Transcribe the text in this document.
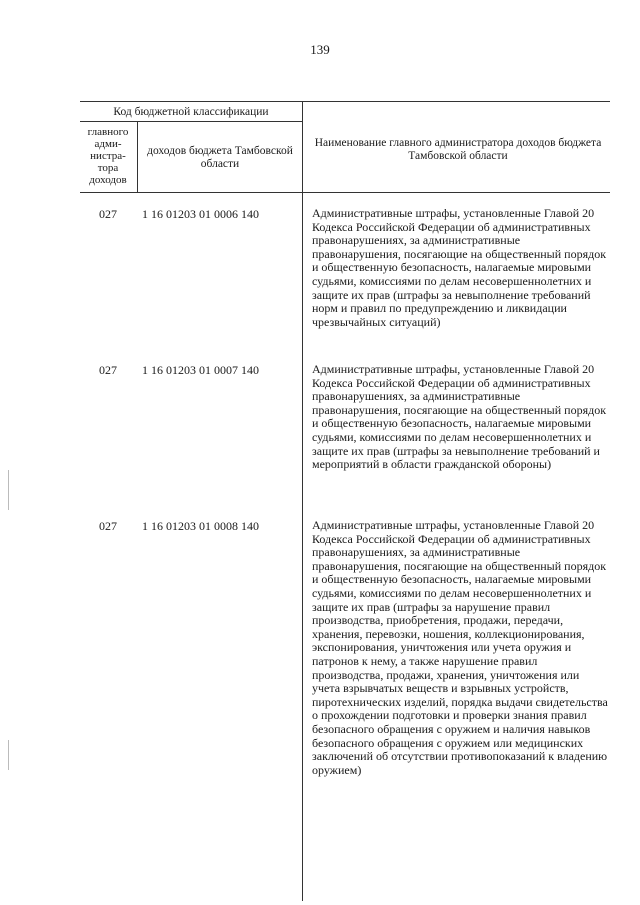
139
Код бюджетной классификации
главного адми-нистра-тора доходов
доходов бюджета Тамбовской области
Наименование главного администратора доходов бюджета Тамбовской области
027	1 16 01203 01 0006 140	Административные штрафы, установленные Главой 20 Кодекса Российской Федерации об административных правонарушениях, за административные правонарушения, посягающие на общественный порядок и общественную безопасность, налагаемые мировыми судьями, комиссиями по делам несовершеннолетних и защите их прав (штрафы за невыполнение требований норм и правил по предупреждению и ликвидации чрезвычайных ситуаций)
027	1 16 01203 01 0007 140	Административные штрафы, установленные Главой 20 Кодекса Российской Федерации об административных правонарушениях, за административные правонарушения, посягающие на общественный порядок и общественную безопасность, налагаемые мировыми судьями, комиссиями по делам несовершеннолетних и защите их прав (штрафы за невыполнение требований и мероприятий в области гражданской обороны)
027	1 16 01203 01 0008 140	Административные штрафы, установленные Главой 20 Кодекса Российской Федерации об административных правонарушениях, за административные правонарушения, посягающие на общественный порядок и общественную безопасность, налагаемые мировыми судьями, комиссиями по делам несовершеннолетних и защите их прав (штрафы за нарушение правил производства, приобретения, продажи, передачи, хранения, перевозки, ношения, коллекционирования, экспонирования, уничтожения или учета оружия и патронов к нему, а также нарушение правил производства, продажи, хранения, уничтожения или учета взрывчатых веществ и взрывных устройств, пиротехнических изделий, порядка выдачи свидетельства о прохождении подготовки и проверки знания правил безопасного обращения с оружием и наличия навыков безопасного обращения с оружием или медицинских заключений об отсутствии противопоказаний к владению оружием)
